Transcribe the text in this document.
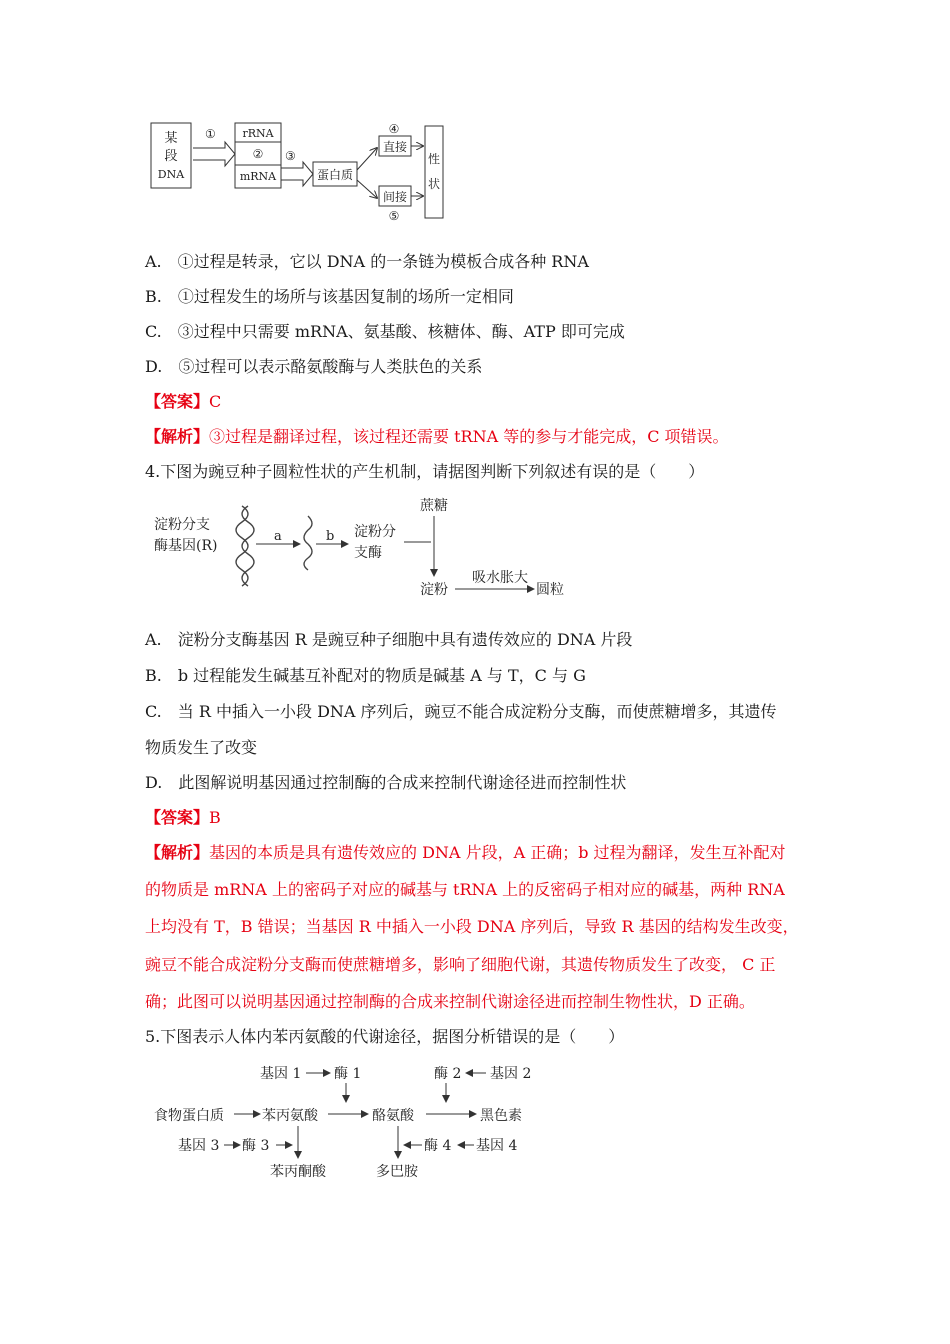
某
段
DNA
① rRNA
②
mRNA
③
蛋白质
④
直接
间接
⑤
性
状
A.　①过程是转录，它以 DNA 的一条链为模板合成各种 RNA
B.　①过程发生的场所与该基因复制的场所一定相同
C.　③过程中只需要 mRNA、氨基酸、核糖体、酶、ATP 即可完成
D.　⑤过程可以表示酪氨酸酶与人类肤色的关系
【答案】C
【解析】③过程是翻译过程，该过程还需要 tRNA 等的参与才能完成，C 项错误。
4.下图为豌豆种子圆粒性状的产生机制，请据图判断下列叙述有误的是（　　）
淀粉分支
酶基因(R)
a	b 淀粉分
支酶
蔗糖
淀粉
吸水胀大
圆粒
A.　淀粉分支酶基因 R 是豌豆种子细胞中具有遗传效应的 DNA 片段
B.　b 过程能发生碱基互补配对的物质是碱基 A 与 T，C 与 G
C.　当 R 中插入一小段 DNA 序列后，豌豆不能合成淀粉分支酶，而使蔗糖增多，其遗传
物质发生了改变
D.　此图解说明基因通过控制酶的合成来控制代谢途径进而控制性状
【答案】B
【解析】基因的本质是具有遗传效应的 DNA 片段，A 正确；b 过程为翻译，发生互补配对
的物质是 mRNA 上的密码子对应的碱基与 tRNA 上的反密码子相对应的碱基，两种 RNA
上均没有 T，B 错误；当基因 R 中插入一小段 DNA 序列后，导致 R 基因的结构发生改变，
豌豆不能合成淀粉分支酶而使蔗糖增多，影响了细胞代谢，其遗传物质发生了改变， C 正
确；此图可以说明基因通过控制酶的合成来控制代谢途径进而控制生物性状，D 正确。
5.下图表示人体内苯丙氨酸的代谢途径，据图分析错误的是（　　）
基因 1 酶 1	酶 2 基因 2
食物蛋白质	苯丙氨酸	酪氨酸	黑色素
基因 3 酶 3
苯丙酮酸
酶 4 基因 4
多巴胺
